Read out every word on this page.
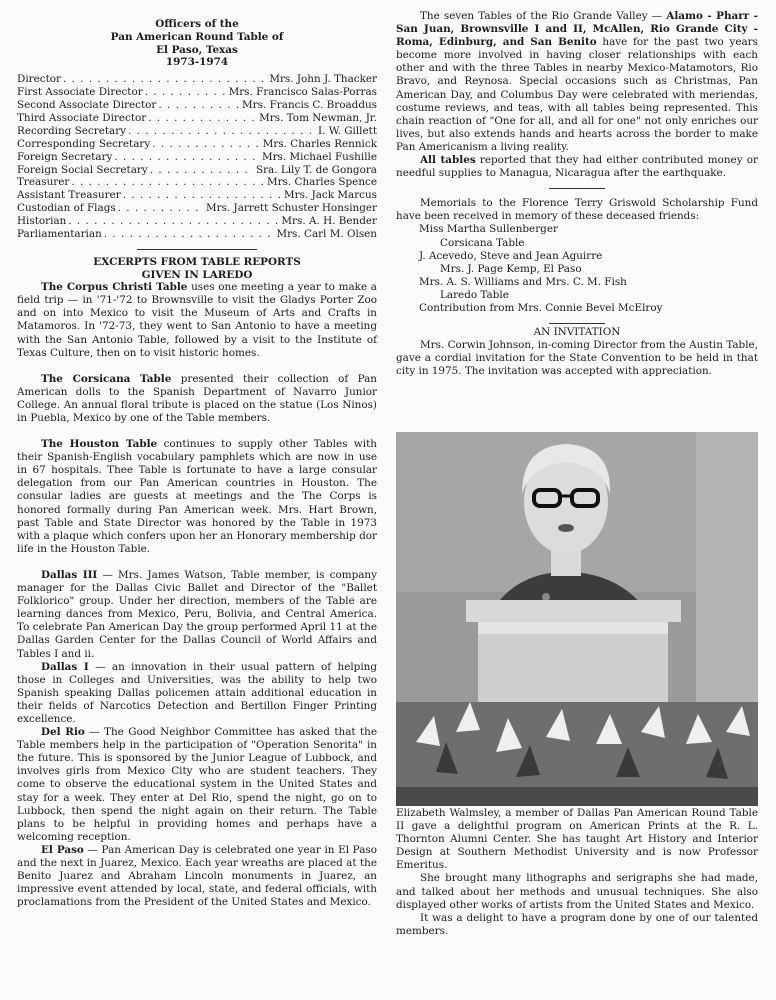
Officers of the
Pan American Round Table of
El Paso, Texas
1973-1974
Director . . .	Mrs. John J. Thacker
First Associate Director . . .	Mrs. Francisco Salas-Porras
Second Associate Director . . .	Mrs. Francis C. Broaddus
Third Associate Director . . .	Mrs. Tom Newman, Jr.
Recording Secretary . . .	I. W. Gillett
Corresponding Secretary . . .	Mrs. Charles Rennick
Foreign Secretary . . .	Mrs. Michael Fushille
Foreign Social Secretary . . .	Sra. Lily T. de Gongora
Treasurer . . .	Mrs. Charles Spence
Assistant Treasurer . . .	Mrs. Jack Marcus
Custodian of Flags . . .	Mrs. Jarrett Schuster Honsinger
Historian . . .	Mrs. A. H. Bender
Parliamentarian . . .	Mrs. Carl M. Olsen
EXCERPTS FROM TABLE REPORTS
GIVEN IN LAREDO

The Corpus Christi Table uses one meeting a year to make a field trip — in '71-'72 to Brownsville to visit the Gladys Porter Zoo and on into Mexico to visit the Museum of Arts and Crafts in Matamoros. In '72-73, they went to San Antonio to have a meeting with the San Antonio Table, followed by a visit to the Institute of Texas Culture, then on to visit historic homes.

The Corsicana Table presented their collection of Pan American dolls to the Spanish Department of Navarro Junior College. An annual floral tribute is placed on the statue (Los Ninos) in Puebla, Mexico by one of the Table members.

The Houston Table continues to supply other Tables with their Spanish-English vocabulary pamphlets which are now in use in 67 hospitals. Thee Table is fortunate to have a large consular delegation from our Pan American countries in Houston. The consular ladies are guests at meetings and the The Corps is honored formally during Pan American week. Mrs. Hart Brown, past Table and State Director was honored by the Table in 1973 with a plaque which confers upon her an Honorary membership dor life in the Houston Table.

Dallas III — Mrs. James Watson, Table member, is company manager for the Dallas Civic Ballet and Director of the "Ballet Folklorico" group. Under her direction, members of the Table are learning dances from Mexico, Peru, Bolivia, and Central America. To celebrate Pan American Day the group performed April 11 at the Dallas Garden Center for the Dallas Council of World Affairs and Tables I and ii.

Dallas I — an innovation in their usual pattern of helping those in Colleges and Universities, was the ability to help two Spanish speaking Dallas policemen attain additional education in their fields of Narcotics Detection and Bertillon Finger Printing excellence.

Del Rio — The Good Neighbor Committee has asked that the Table members help in the participation of "Operation Senorita" in the future. This is sponsored by the Junior League of Lubbock, and involves girls from Mexico City who are student teachers. They come to observe the educational system in the United States and stay for a week. They enter at Del Rio, spend the night, go on to Lubbock, then spend the night again on their return. The Table plans to be helpful in providing homes and perhaps have a welcoming reception.

El Paso — Pan American Day is celebrated one year in El Paso and the next in Juarez, Mexico. Each year wreaths are placed at the Benito Juarez and Abraham Lincoln monuments in Juarez, an impressive event attended by local, state, and federal officials, with proclamations from the President of the United States and Mexico.

The seven Tables of the Rio Grande Valley — Alamo - Pharr - San Juan, Brownsville I and II, McAllen, Rio Grande City - Roma, Edinburg, and San Benito have for the past two years become more involved in having closer relationships with each other and with the three Tables in nearby Mexico-Matamotors, Rio Bravo, and Reynosa. Special occasions such as Christmas, Pan American Day, and Columbus Day were celebrated with meriendas, costume reviews, and teas, with all tables being represented. This chain reaction of "One for all, and all for one" not only enriches our lives, but also extends hands and hearts across the border to make Pan Americanism a living reality.

All tables reported that they had either contributed money or needful supplies to Managua, Nicaragua after the earthquake.

Memorials to the Florence Terry Griswold Scholarship Fund have been received in memory of these deceased friends:

Miss Martha Sullenberger
Corsicana Table
J. Acevedo, Steve and Jean Aguirre
Mrs. J. Page Kemp, El Paso
Mrs. A. S. Williams and Mrs. C. M. Fish
Laredo Table
Contribution from Mrs. Connie Bevel McElroy
AN INVITATION

Mrs. Corwin Johnson, in-coming Director from the Austin Table, gave a cordial invitation for the State Convention to be held in that city in 1975. The invitation was accepted with appreciation.

Elizabeth Walmsley, a member of Dallas Pan American Round Table II gave a delightful program on American Prints at the R. L. Thornton Alumni Center. She has taught Art History and Interior Design at Southern Methodist University and is now Professor Emeritus.

She brought many lithographs and serigraphs she had made, and talked about her methods and unusual techniques. She also displayed other works of artists from the United States and Mexico.

It was a delight to have a program done by one of our talented members.
